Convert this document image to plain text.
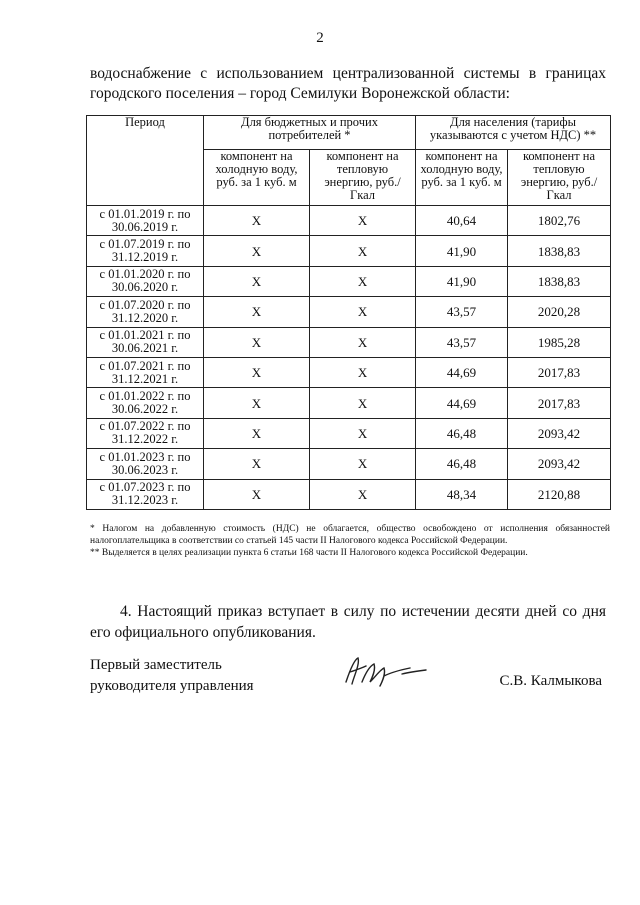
2
водоснабжение с использованием централизованной системы в границах городского поселения – город Семилуки Воронежской области:
Период	Для бюджетных и прочих потребителей *		Для населения (тарифы указываются с учетом НДС) **	
	компонент на холодную воду, руб. за 1 куб. м	компонент на тепловую энергию, руб./Гкал	компонент на холодную воду, руб. за 1 куб. м	компонент на тепловую энергию, руб./Гкал
с 01.01.2019 г. по 30.06.2019 г.	Х	Х	40,64	1802,76
с 01.07.2019 г. по 31.12.2019 г.	Х	Х	41,90	1838,83
с 01.01.2020 г. по 30.06.2020 г.	Х	Х	41,90	1838,83
с 01.07.2020 г. по 31.12.2020 г.	Х	Х	43,57	2020,28
с 01.01.2021 г. по 30.06.2021 г.	Х	Х	43,57	1985,28
с 01.07.2021 г. по 31.12.2021 г.	Х	Х	44,69	2017,83
с 01.01.2022 г. по 30.06.2022 г.	Х	Х	44,69	2017,83
с 01.07.2022 г. по 31.12.2022 г.	Х	Х	46,48	2093,42
с 01.01.2023 г. по 30.06.2023 г.	Х	Х	46,48	2093,42
с 01.07.2023 г. по 31.12.2023 г.	Х	Х	48,34	2120,88

* Налогом на добавленную стоимость (НДС) не облагается, общество освобождено от исполнения обязанностей налогоплательщика в соответствии со статьей 145 части II Налогового кодекса Российской Федерации.

** Выделяется в целях реализации пункта 6 статьи 168 части II Налогового кодекса Российской Федерации.

4. Настоящий приказ вступает в силу по истечении десяти дней со дня его официального опубликования.
Первый заместитель
руководителя управления	С.В. Калмыкова
